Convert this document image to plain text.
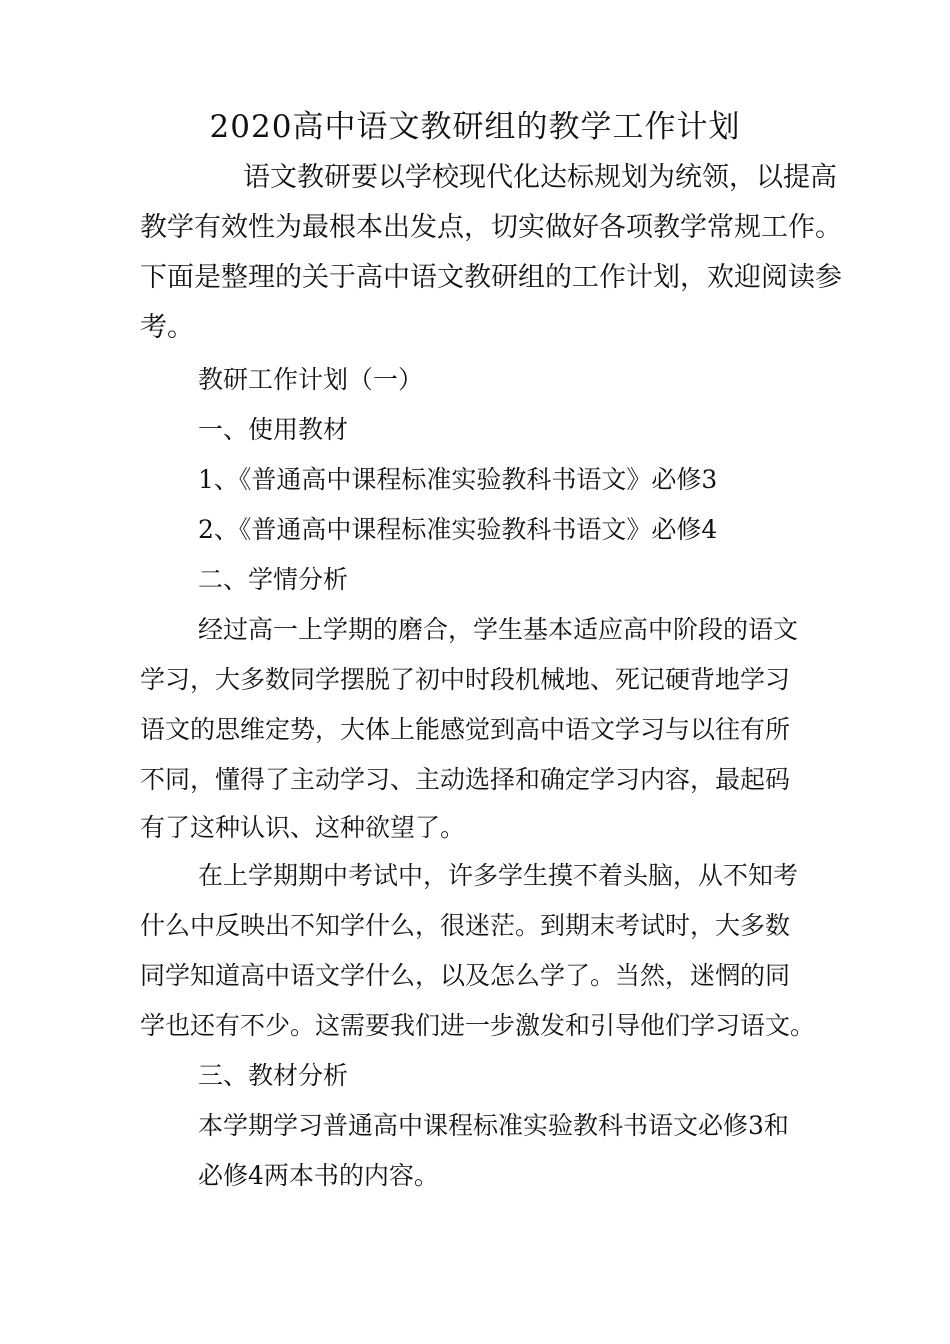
2020高中语文教研组的教学工作计划

语文教研要以学校现代化达标规划为统领，以提高

教学有效性为最根本出发点，切实做好各项教学常规工作。

下面是整理的关于高中语文教研组的工作计划，欢迎阅读参

考。

教研工作计划（一）

一、使用教材

1、《普通高中课程标准实验教科书语文》必修3

2、《普通高中课程标准实验教科书语文》必修4

二、学情分析

经过高一上学期的磨合，学生基本适应高中阶段的语文

学习，大多数同学摆脱了初中时段机械地、死记硬背地学习

语文的思维定势，大体上能感觉到高中语文学习与以往有所

不同，懂得了主动学习、主动选择和确定学习内容，最起码

有了这种认识、这种欲望了。

在上学期期中考试中，许多学生摸不着头脑，从不知考

什么中反映出不知学什么，很迷茫。到期末考试时，大多数

同学知道高中语文学什么，以及怎么学了。当然，迷惘的同

学也还有不少。这需要我们进一步激发和引导他们学习语文。

三、教材分析

本学期学习普通高中课程标准实验教科书语文必修3和

必修4两本书的内容。
